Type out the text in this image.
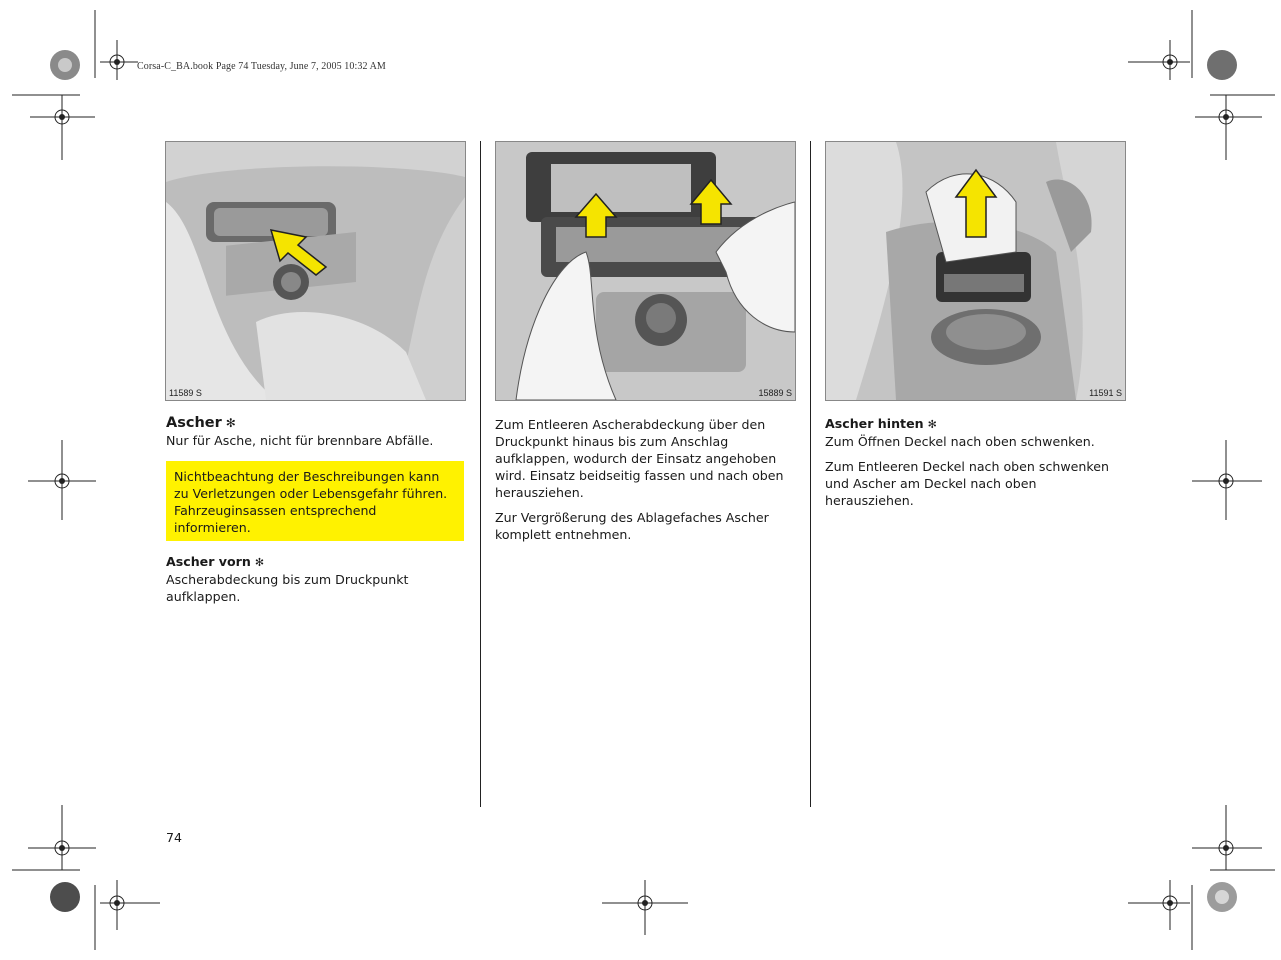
Corsa-C_BA.book Page 74 Tuesday, June 7, 2005 10:32 AM
11589 S	15889 S	11591 S
Ascher ✻

Nur für Asche, nicht für brennbare Abfälle.

Nichtbeachtung der Beschreibungen kann zu Verletzungen oder Lebensgefahr führen. Fahrzeuginsassen entsprechend informieren.
Ascher vorn ✻

Ascherabdeckung bis zum Druckpunkt aufklappen.

Zum Entleeren Ascherabdeckung über den Druckpunkt hinaus bis zum Anschlag aufklappen, wodurch der Einsatz angehoben wird. Einsatz beidseitig fassen und nach oben herausziehen.

Zur Vergrößerung des Ablagefaches Ascher komplett entnehmen.

Ascher hinten ✻

Zum Öffnen Deckel nach oben schwenken.

Zum Entleeren Deckel nach oben schwenken und Ascher am Deckel nach oben herausziehen.

74
